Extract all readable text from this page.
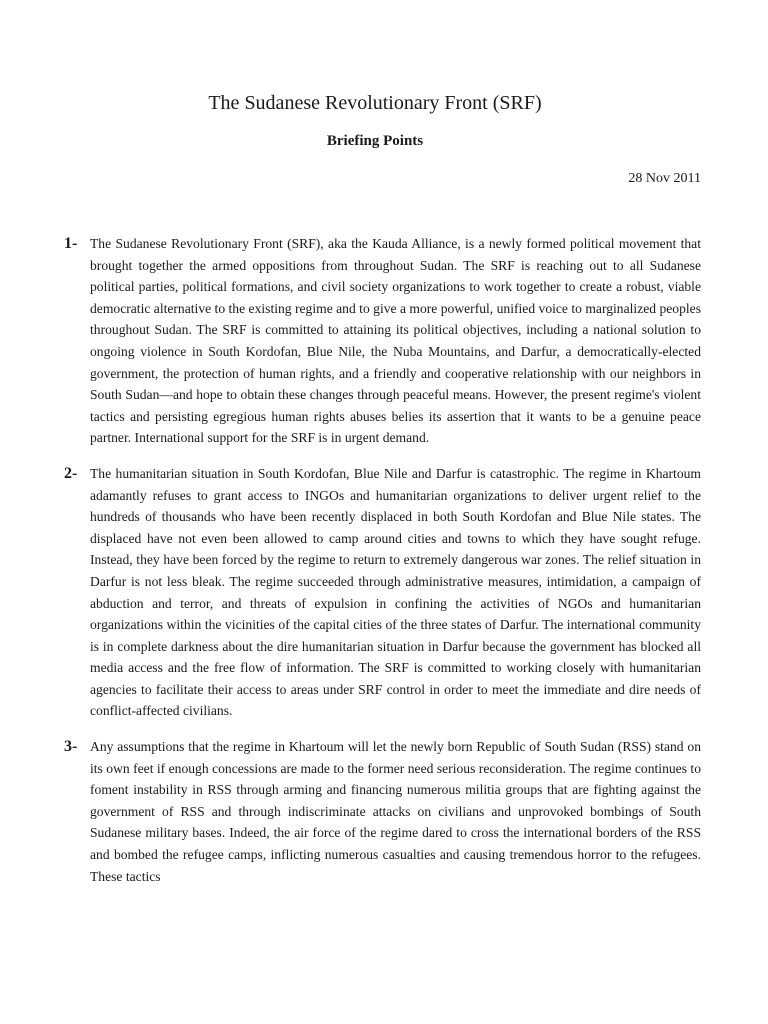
The Sudanese Revolutionary Front (SRF)
Briefing Points
28 Nov 2011
1- The Sudanese Revolutionary Front (SRF), aka the Kauda Alliance, is a newly formed political movement that brought together the armed oppositions from throughout Sudan. The SRF is reaching out to all Sudanese political parties, political formations, and civil society organizations to work together to create a robust, viable democratic alternative to the existing regime and to give a more powerful, unified voice to marginalized peoples throughout Sudan. The SRF is committed to attaining its political objectives, including a national solution to ongoing violence in South Kordofan, Blue Nile, the Nuba Mountains, and Darfur, a democratically-elected government, the protection of human rights, and a friendly and cooperative relationship with our neighbors in South Sudan—and hope to obtain these changes through peaceful means. However, the present regime's violent tactics and persisting egregious human rights abuses belies its assertion that it wants to be a genuine peace partner. International support for the SRF is in urgent demand.

2- The humanitarian situation in South Kordofan, Blue Nile and Darfur is catastrophic. The regime in Khartoum adamantly refuses to grant access to INGOs and humanitarian organizations to deliver urgent relief to the hundreds of thousands who have been recently displaced in both South Kordofan and Blue Nile states. The displaced have not even been allowed to camp around cities and towns to which they have sought refuge. Instead, they have been forced by the regime to return to extremely dangerous war zones. The relief situation in Darfur is not less bleak. The regime succeeded through administrative measures, intimidation, a campaign of abduction and terror, and threats of expulsion in confining the activities of NGOs and humanitarian organizations within the vicinities of the capital cities of the three states of Darfur. The international community is in complete darkness about the dire humanitarian situation in Darfur because the government has blocked all media access and the free flow of information. The SRF is committed to working closely with humanitarian agencies to facilitate their access to areas under SRF control in order to meet the immediate and dire needs of conflict-affected civilians.

3- Any assumptions that the regime in Khartoum will let the newly born Republic of South Sudan (RSS) stand on its own feet if enough concessions are made to the former need serious reconsideration. The regime continues to foment instability in RSS through arming and financing numerous militia groups that are fighting against the government of RSS and through indiscriminate attacks on civilians and unprovoked bombings of South Sudanese military bases. Indeed, the air force of the regime dared to cross the international borders of the RSS and bombed the refugee camps, inflicting numerous casualties and causing tremendous horror to the refugees. These tactics
